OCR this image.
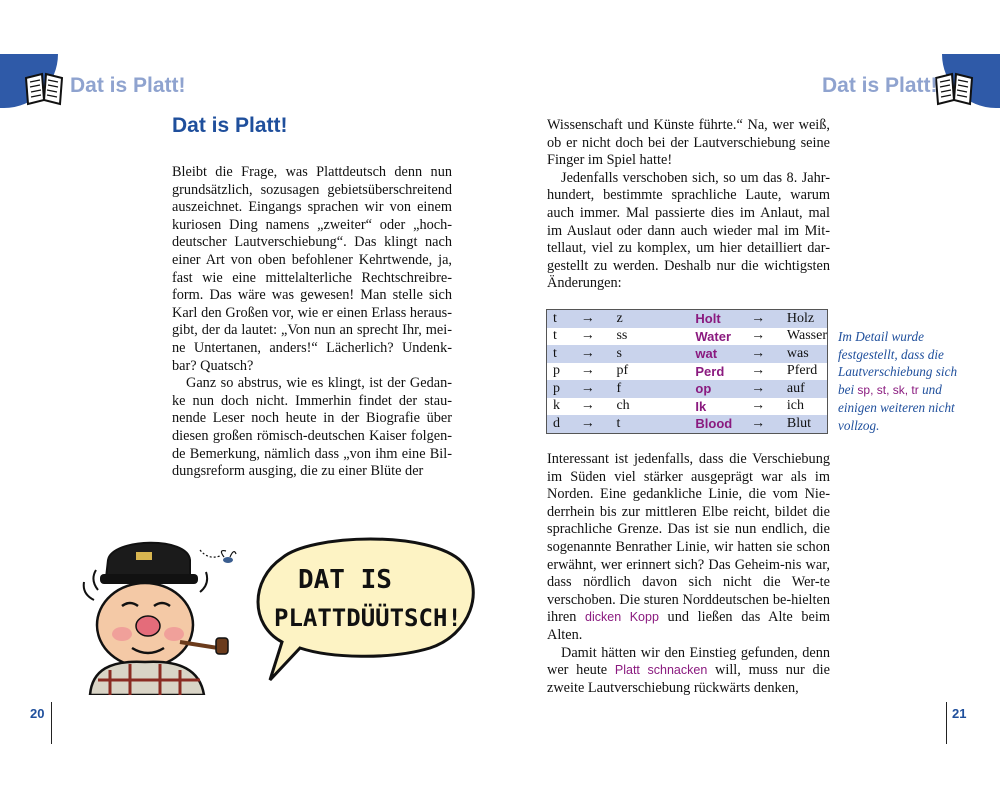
Dat is Platt!	Dat is Platt!
Dat is Platt!

Bleibt die Frage, was Plattdeutsch denn nun grundsätzlich, sozusagen gebietsüberschreitend auszeichnet. Eingangs sprachen wir von einem kuriosen Ding namens „zweiter“ oder „hoch-deutscher Lautverschiebung“. Das klingt nach einer Art von oben befohlener Kehrtwende, ja, fast wie eine mittelalterliche Rechtschreibre-form. Das wäre was gewesen! Man stelle sich Karl den Großen vor, wie er einen Erlass heraus-gibt, der da lautet: „Von nun an sprecht Ihr, mei-ne Untertanen, anders!“ Lächerlich? Undenk-bar? Quatsch?

Ganz so abstrus, wie es klingt, ist der Gedan-ke nun doch nicht. Immerhin findet der stau-nende Leser noch heute in der Biografie über diesen großen römisch-deutschen Kaiser folgen-de Bemerkung, nämlich dass „von ihm eine Bil-dungsreform ausging, die zu einer Blüte der

DAT IS
PLATTDÜÜTSCH!

Wissenschaft und Künste führte.“ Na, wer weiß, ob er nicht doch bei der Lautverschiebung seine Finger im Spiel hatte!

Jedenfalls verschoben sich, so um das 8. Jahr-hundert, bestimmte sprachliche Laute, warum auch immer. Mal passierte dies im Anlaut, mal im Auslaut oder dann auch wieder mal im Mit-tellaut, viel zu komplex, um hier detailliert dar-gestellt zu werden. Deshalb nur die wichtigsten Änderungen:

t	→	z	Holt	→	Holz
t	→	ss	Water	→	Wasser
t	→	s	wat	→	was
p	→	pf	Perd	→	Pferd
p	→	f	op	→	auf
k	→	ch	Ik	→	ich
d	→	t	Blood	→	Blut
Im Detail wurde festgestellt, dass die Lautverschiebung sich bei sp, st, sk, tr und einigen weiteren nicht vollzog.

Interessant ist jedenfalls, dass die Verschiebung im Süden viel stärker ausgeprägt war als im Norden. Eine gedankliche Linie, die vom Nie-derrhein bis zur mittleren Elbe reicht, bildet die sprachliche Grenze. Das ist sie nun endlich, die sogenannte Benrather Linie, wir hatten sie schon erwähnt, wer erinnert sich? Das Geheim-nis war, dass nördlich davon sich nicht die Wer-te verschoben. Die sturen Norddeutschen be-hielten ihren dicken Kopp und ließen das Alte beim Alten.

Damit hätten wir den Einstieg gefunden, denn wer heute Platt schnacken will, muss nur die zweite Lautverschiebung rückwärts denken,

20	21
